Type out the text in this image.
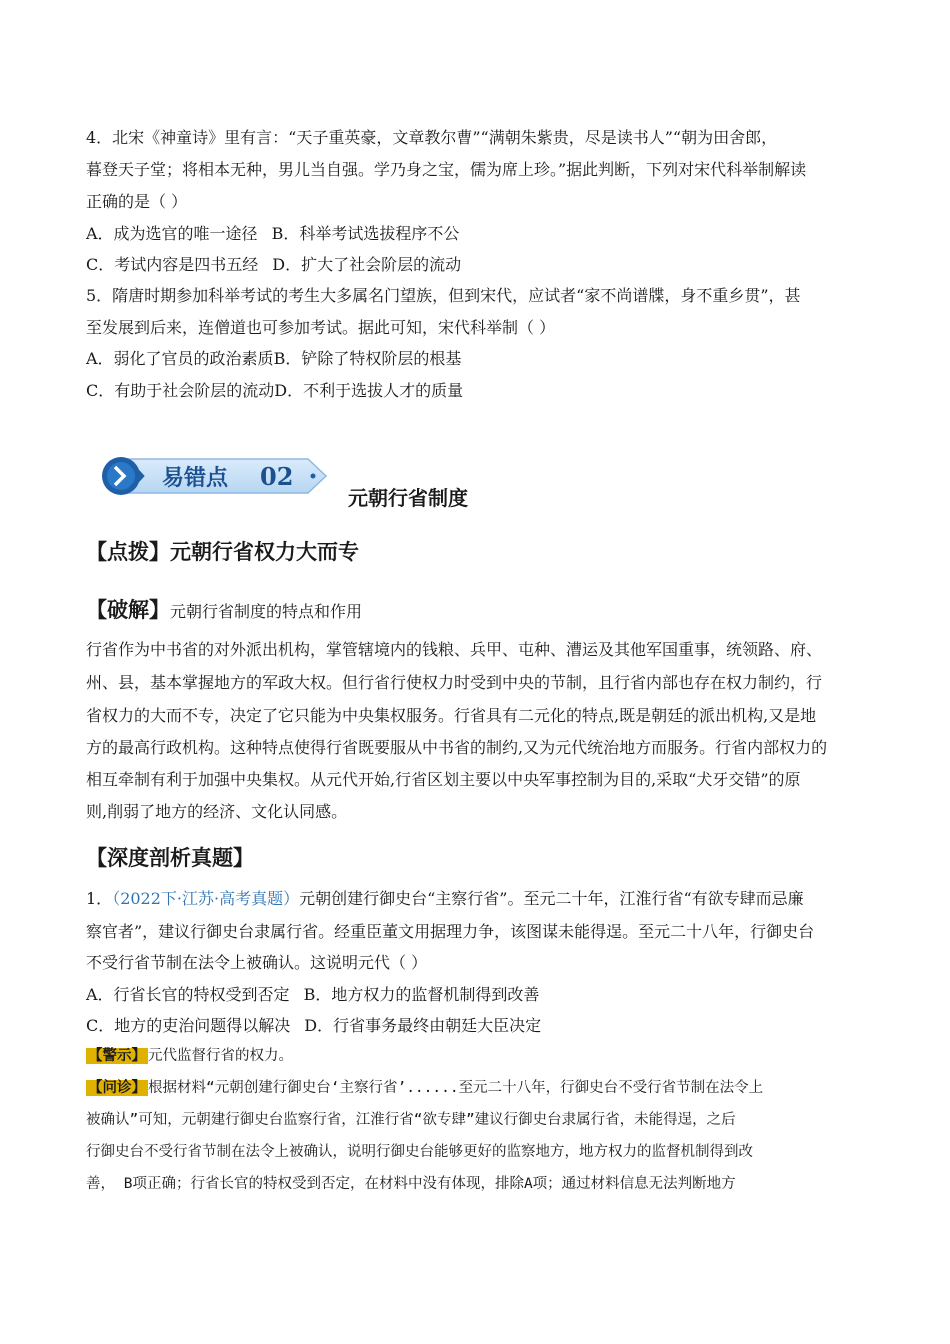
4．北宋《神童诗》里有言：“天子重英豪，文章教尔曹”“满朝朱紫贵，尽是读书人”“朝为田舍郎，
暮登天子堂；将相本无种，男儿当自强。学乃身之宝，儒为席上珍。”据此判断，下列对宋代科举制解读
正确的是（ ）
A．成为选官的唯一途径 B．科举考试选拔程序不公
C．考试内容是四书五经 D．扩大了社会阶层的流动
5．隋唐时期参加科举考试的考生大多属名门望族，但到宋代，应试者“家不尚谱牒，身不重乡贯”，甚
至发展到后来，连僧道也可参加考试。据此可知，宋代科举制（ ）
A．弱化了官员的政治素质B．铲除了特权阶层的根基
C．有助于社会阶层的流动D．不利于选拔人才的质量
易错点 02
元朝行省制度
【点拨】元朝行省权力大而专
【破解】元朝行省制度的特点和作用
行省作为中书省的对外派出机构，掌管辖境内的钱粮、兵甲、屯种、漕运及其他军国重事，统领路、府、
州、县，基本掌握地方的军政大权。但行省行使权力时受到中央的节制，且行省内部也存在权力制约，行
省权力的大而不专，决定了它只能为中央集权服务。行省具有二元化的特点,既是朝廷的派出机构,又是地
方的最高行政机构。这种特点使得行省既要服从中书省的制约,又为元代统治地方而服务。行省内部权力的
相互牵制有利于加强中央集权。从元代开始,行省区划主要以中央军事控制为目的,采取“犬牙交错”的原
则,削弱了地方的经济、文化认同感。
【深度剖析真题】
1．（2022下·江苏·高考真题）元朝创建行御史台“主察行省”。至元二十年，江淮行省“有欲专肆而忌廉
察官者”，建议行御史台隶属行省。经重臣董文用据理力争，该图谋未能得逞。至元二十八年，行御史台
不受行省节制在法令上被确认。这说明元代（ ）
A．行省长官的特权受到否定 B．地方权力的监督机制得到改善
C．地方的吏治问题得以解决 D．行省事务最终由朝廷大臣决定
【警示】 元代监督行省的权力。
【问诊】 根据材料“元朝创建行御史台‘主察行省’......至元二十八年，行御史台不受行省节制在法令上
被确认”可知，元朝建行御史台监察行省，江淮行省“欲专肆”建议行御史台隶属行省，未能得逞，之后
行御史台不受行省节制在法令上被确认，说明行御史台能够更好的监察地方，地方权力的监督机制得到改
善， B项正确；行省长官的特权受到否定，在材料中没有体现，排除A项；通过材料信息无法判断地方
